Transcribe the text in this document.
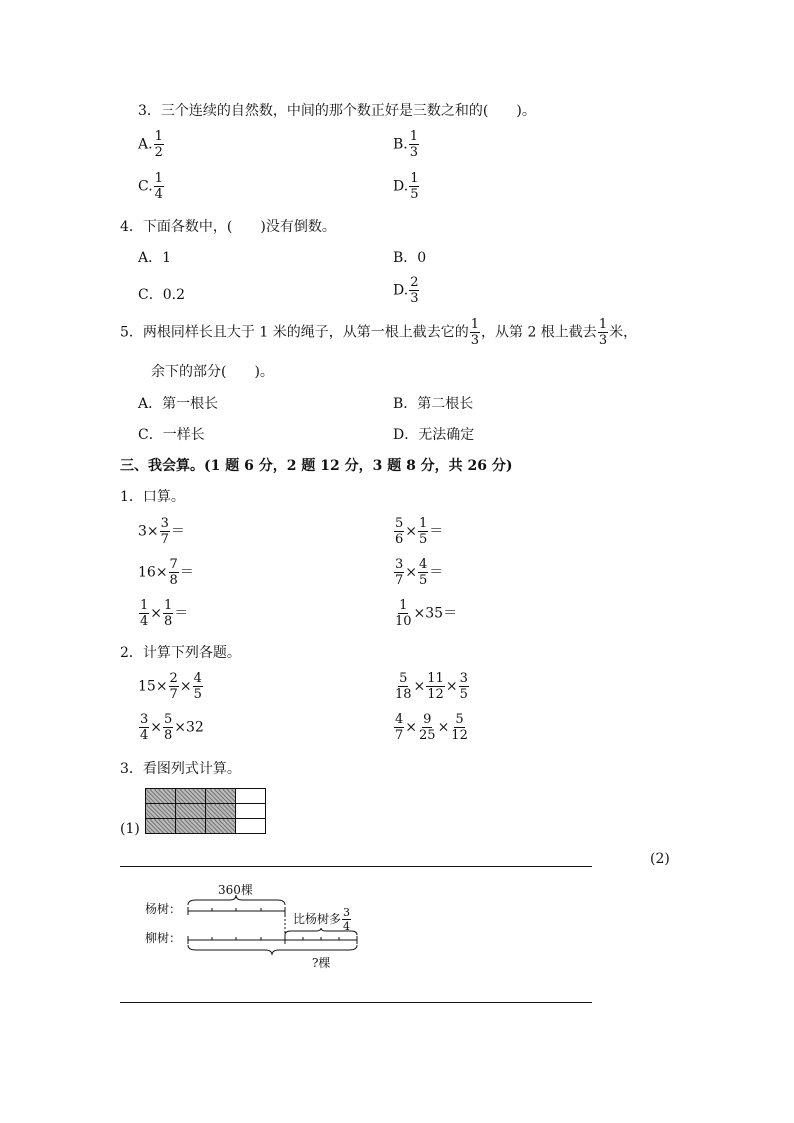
3．三个连续的自然数，中间的那个数正好是三数之和的(　　)。
A. $\frac{1}{2}$	B. $\frac{1}{3}$
C. $\frac{1}{4}$	D. $\frac{1}{5}$
4．下面各数中，(　　)没有倒数。
A．1	B．0
C．0.2	D. $\frac{2}{3}$
5．两根同样长且大于 1 米的绳子，从第一根上截去它的 $\frac{1}{3}$ ，从第 2 根上截去 $\frac{1}{3}$ 米，
余下的部分(　　)。
A．第一根长	B．第二根长
C．一样长	D．无法确定
三、我会算。(1 题 6 分，2 题 12 分，3 题 8 分，共 26 分)
1．口算。
$3\times \frac{3}{7}$ ＝	$\frac{5}{6} \times \frac{1}{5}$ ＝
$16\times \frac{7}{8}$ ＝	$\frac{3}{7} \times \frac{4}{5}$ ＝
$\frac{1}{4} \times \frac{1}{8}$ ＝	$\frac{1}{10} \times 35=$
2．计算下列各题。
$15\times \frac{2}{7} \times \frac{4}{5}$	$\frac{5}{18} \times \frac{11}{12} \times \frac{3}{5}$
$\frac{3}{4} \times \frac{5}{8} \times 32$	$\frac{4}{7} \times \frac{9}{25} \times \frac{5}{12}$
3．看图列式计算。
(1)

(2)
杨树：
柳树：
360棵
比杨树多 $\frac{3}{4}$
?棵
